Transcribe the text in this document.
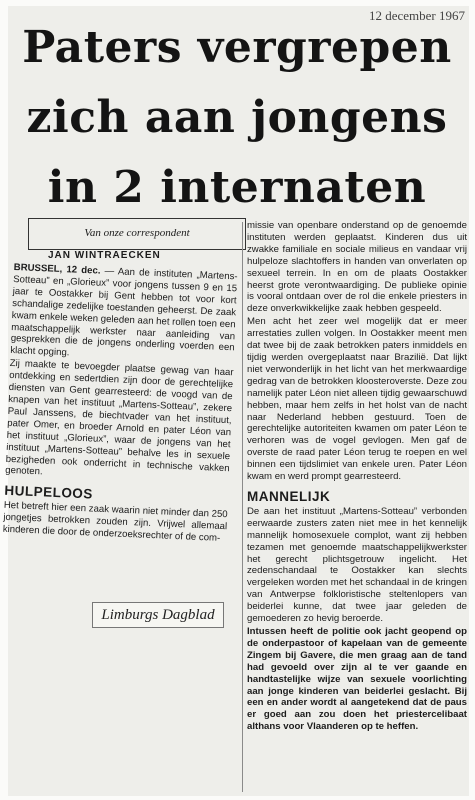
12 december 1967
Paters vergrepen
zich aan jongens
in 2 internaten
Van onze correspondent
JAN WINTRAECKEN

BRUSSEL, 12 dec. — Aan de instituten „Martens-Sotteau” en „Glorieux” voor jongens tussen 9 en 15 jaar te Oostakker bij Gent hebben tot voor kort schandalige zedelijke toestanden geheerst. De zaak kwam enkele weken geleden aan het rollen toen een maatschappelijk werkster naar aanleiding van gesprekken die de jongens onderling voerden een klacht opging.

Zij maakte te bevoegder plaatse gewag van haar ontdekking en sedertdien zijn door de gerechtelijke diensten van Gent gearresteerd: de voogd van de knapen van het instituut „Martens-Sotteau”, zekere Paul Janssens, de biechtvader van het instituut, pater Omer, en broeder Arnold en pater Léon van het instituut „Glorieux”, waar de jongens van het instituut „Martens-Sotteau” behalve les in sexuele bezigheden ook onderricht in technische vakken genoten.

HULPELOOS

Het betreft hier een zaak waarin niet minder dan 250 jongetjes betrokken zouden zijn. Vrijwel allemaal kinderen die door de onderzoeksrechter of de com-

Limburgs Dagblad

missie van openbare onderstand op de genoemde instituten werden geplaatst. Kinderen dus uit zwakke familiale en sociale milieus en vandaar vrij hulpeloze slachtoffers in handen van onverlaten op sexueel terrein. In en om de plaats Oostakker heerst grote verontwaardiging. De publieke opinie is vooral ontdaan over de rol die enkele priesters in deze onverkwikkelijke zaak hebben gespeeld.

Men acht het zeer wel mogelijk dat er meer arrestaties zullen volgen. In Oostakker meent men dat twee bij de zaak betrokken paters inmiddels en tijdig werden overgeplaatst naar Brazilië. Dat lijkt niet verwonderlijk in het licht van het merkwaardige gedrag van de betrokken kloosteroverste. Deze zou namelijk pater Léon niet alleen tijdig gewaarschuwd hebben, maar hem zelfs in het holst van de nacht naar Nederland hebben gestuurd. Toen de gerechtelijke autoriteiten kwamen om pater Léon te verhoren was de vogel gevlogen. Men gaf de overste de raad pater Léon terug te roepen en wel binnen een tijdslimiet van enkele uren. Pater Léon kwam en werd prompt gearresteerd.

MANNELIJK

De aan het instituut „Martens-Sotteau” verbonden eerwaarde zusters zaten niet mee in het kennelijk mannelijk homosexuele complot, want zij hebben tezamen met genoemde maatschappelijkwerkster het gerecht plichtsgetrouw ingelicht. Het zedenschandaal te Oostakker kan slechts vergeleken worden met het schandaal in de kringen van Antwerpse folkloristische steltenlopers van beiderlei kunne, dat twee jaar geleden de gemoederen zo hevig beroerde.

Intussen heeft de politie ook jacht geopend op de onderpastoor of kapelaan van de gemeente Zingem bij Gavere, die men graag aan de tand had gevoeld over zijn al te ver gaande en handtastelijke wijze van sexuele voorlichting aan jonge kinderen van beiderlei geslacht. Bij een en ander wordt al aangetekend dat de paus er goed aan zou doen het priestercelibaat althans voor Vlaanderen op te heffen.
